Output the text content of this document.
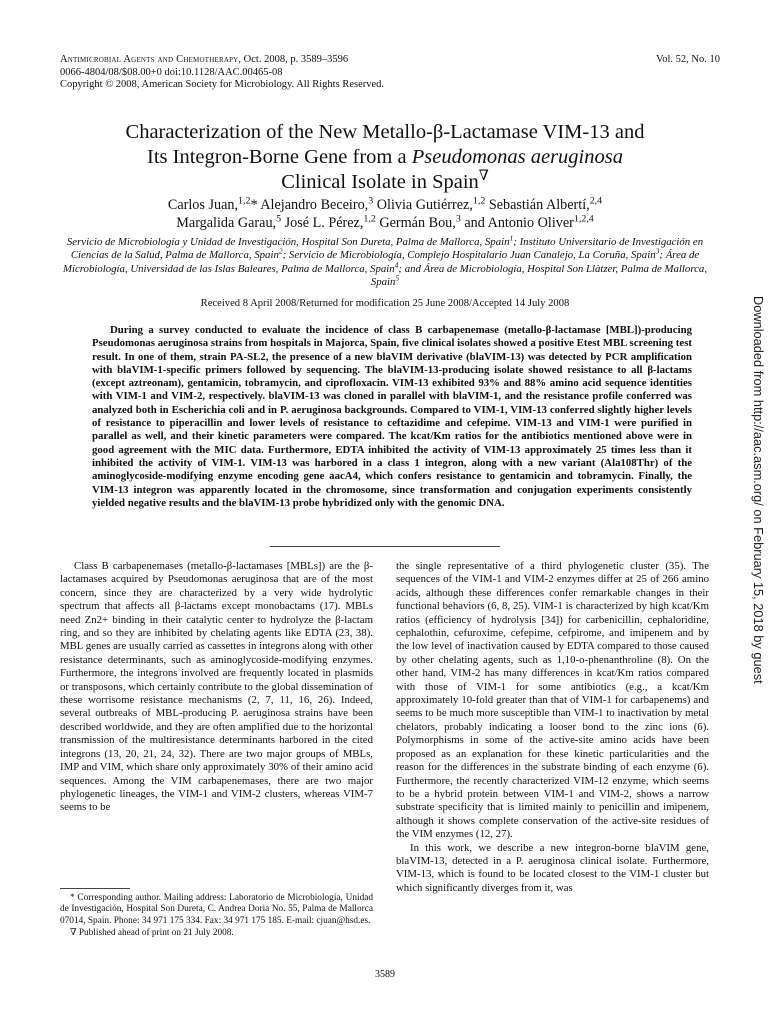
Antimicrobial Agents and Chemotherapy, Oct. 2008, p. 3589–3596	Vol. 52, No. 10
0066-4804/08/$08.00+0 doi:10.1128/AAC.00465-08
Copyright © 2008, American Society for Microbiology. All Rights Reserved.
Characterization of the New Metallo-β-Lactamase VIM-13 and
Its Integron-Borne Gene from a Pseudomonas aeruginosa
Clinical Isolate in Spain∇
Carlos Juan,$^{1,2}$* Alejandro Beceiro,$^3$ Olivia Gutiérrez,$^{1,2}$ Sebastián Albertí,$^{2,4}$
Margalida Garau,$^5$ José L. Pérez,$^{1,2}$ Germán Bou,$^3$ and Antonio Oliver$^{1,2,4}$
Servicio de Microbiología y Unidad de Investigación, Hospital Son Dureta, Palma de Mallorca, Spain$^1$; Instituto Universitario de Investigación en Ciencias de la Salud, Palma de Mallorca, Spain$^2$; Servicio de Microbiología, Complejo Hospitalario Juan Canalejo, La Coruña, Spain$^3$; Área de Microbiología, Universidad de las Islas Baleares, Palma de Mallorca, Spain$^4$; and Área de Microbiología, Hospital Son Llàtzer, Palma de Mallorca, Spain$^5$
Received 8 April 2008/Returned for modification 25 June 2008/Accepted 14 July 2008
During a survey conducted to evaluate the incidence of class B carbapenemase (metallo-β-lactamase [MBL])-producing Pseudomonas aeruginosa strains from hospitals in Majorca, Spain, five clinical isolates showed a positive Etest MBL screening test result. In one of them, strain PA-SL2, the presence of a new blaVIM derivative (blaVIM-13) was detected by PCR amplification with blaVIM-1-specific primers followed by sequencing. The blaVIM-13-producing isolate showed resistance to all β-lactams (except aztreonam), gentamicin, tobramycin, and ciprofloxacin. VIM-13 exhibited 93% and 88% amino acid sequence identities with VIM-1 and VIM-2, respectively. blaVIM-13 was cloned in parallel with blaVIM-1, and the resistance profile conferred was analyzed both in Escherichia coli and in P. aeruginosa backgrounds. Compared to VIM-1, VIM-13 conferred slightly higher levels of resistance to piperacillin and lower levels of resistance to ceftazidime and cefepime. VIM-13 and VIM-1 were purified in parallel as well, and their kinetic parameters were compared. The kcat/Km ratios for the antibiotics mentioned above were in good agreement with the MIC data. Furthermore, EDTA inhibited the activity of VIM-13 approximately 25 times less than it inhibited the activity of VIM-1. VIM-13 was harbored in a class 1 integron, along with a new variant (Ala108Thr) of the aminoglycoside-modifying enzyme encoding gene aacA4, which confers resistance to gentamicin and tobramycin. Finally, the VIM-13 integron was apparently located in the chromosome, since transformation and conjugation experiments consistently yielded negative results and the blaVIM-13 probe hybridized only with the genomic DNA.

Class B carbapenemases (metallo-β-lactamases [MBLs]) are the β-lactamases acquired by Pseudomonas aeruginosa that are of the most concern, since they are characterized by a very wide hydrolytic spectrum that affects all β-lactams except monobactams (17). MBLs need Zn2+ binding in their catalytic center to hydrolyze the β-lactam ring, and so they are inhibited by chelating agents like EDTA (23, 38). MBL genes are usually carried as cassettes in integrons along with other resistance determinants, such as aminoglycoside-modifying enzymes. Furthermore, the integrons involved are frequently located in plasmids or transposons, which certainly contribute to the global dissemination of these worrisome resistance mechanisms (2, 7, 11, 16, 26). Indeed, several outbreaks of MBL-producing P. aeruginosa strains have been described worldwide, and they are often amplified due to the horizontal transmission of the multiresistance determinants harbored in the cited integrons (13, 20, 21, 24, 32). There are two major groups of MBLs, IMP and VIM, which share only approximately 30% of their amino acid sequences. Among the VIM carbapenemases, there are two major phylogenetic lineages, the VIM-1 and VIM-2 clusters, whereas VIM-7 seems to be

the single representative of a third phylogenetic cluster (35). The sequences of the VIM-1 and VIM-2 enzymes differ at 25 of 266 amino acids, although these differences confer remarkable changes in their functional behaviors (6, 8, 25). VIM-1 is characterized by high kcat/Km ratios (efficiency of hydrolysis [34]) for carbenicillin, cephaloridine, cephalothin, cefuroxime, cefepime, cefpirome, and imipenem and by the low level of inactivation caused by EDTA compared to those caused by other chelating agents, such as 1,10-o-phenanthroline (8). On the other hand, VIM-2 has many differences in kcat/Km ratios compared with those of VIM-1 for some antibiotics (e.g., a kcat/Km approximately 10-fold greater than that of VIM-1 for carbapenems) and seems to be much more susceptible than VIM-1 to inactivation by metal chelators, probably indicating a looser bond to the zinc ions (6). Polymorphisms in some of the active-site amino acids have been proposed as an explanation for these kinetic particularities and the reason for the differences in the substrate binding of each enzyme (6). Furthermore, the recently characterized VIM-12 enzyme, which seems to be a hybrid protein between VIM-1 and VIM-2, shows a narrow substrate specificity that is limited mainly to penicillin and imipenem, although it shows complete conservation of the active-site residues of the VIM enzymes (12, 27).

In this work, we describe a new integron-borne blaVIM gene, blaVIM-13, detected in a P. aeruginosa clinical isolate. Furthermore, VIM-13, which is found to be located closest to the VIM-1 cluster but which significantly diverges from it, was

* Corresponding author. Mailing address: Laboratorio de Microbiología, Unidad de Investigación, Hospital Son Dureta, C. Andrea Doria No. 55, Palma de Mallorca 07014, Spain. Phone: 34 971 175 334. Fax: 34 971 175 185. E-mail: cjuan@hsd.es.

∇ Published ahead of print on 21 July 2008.

3589
Downloaded from http://aac.asm.org/ on February 15, 2018 by guest
